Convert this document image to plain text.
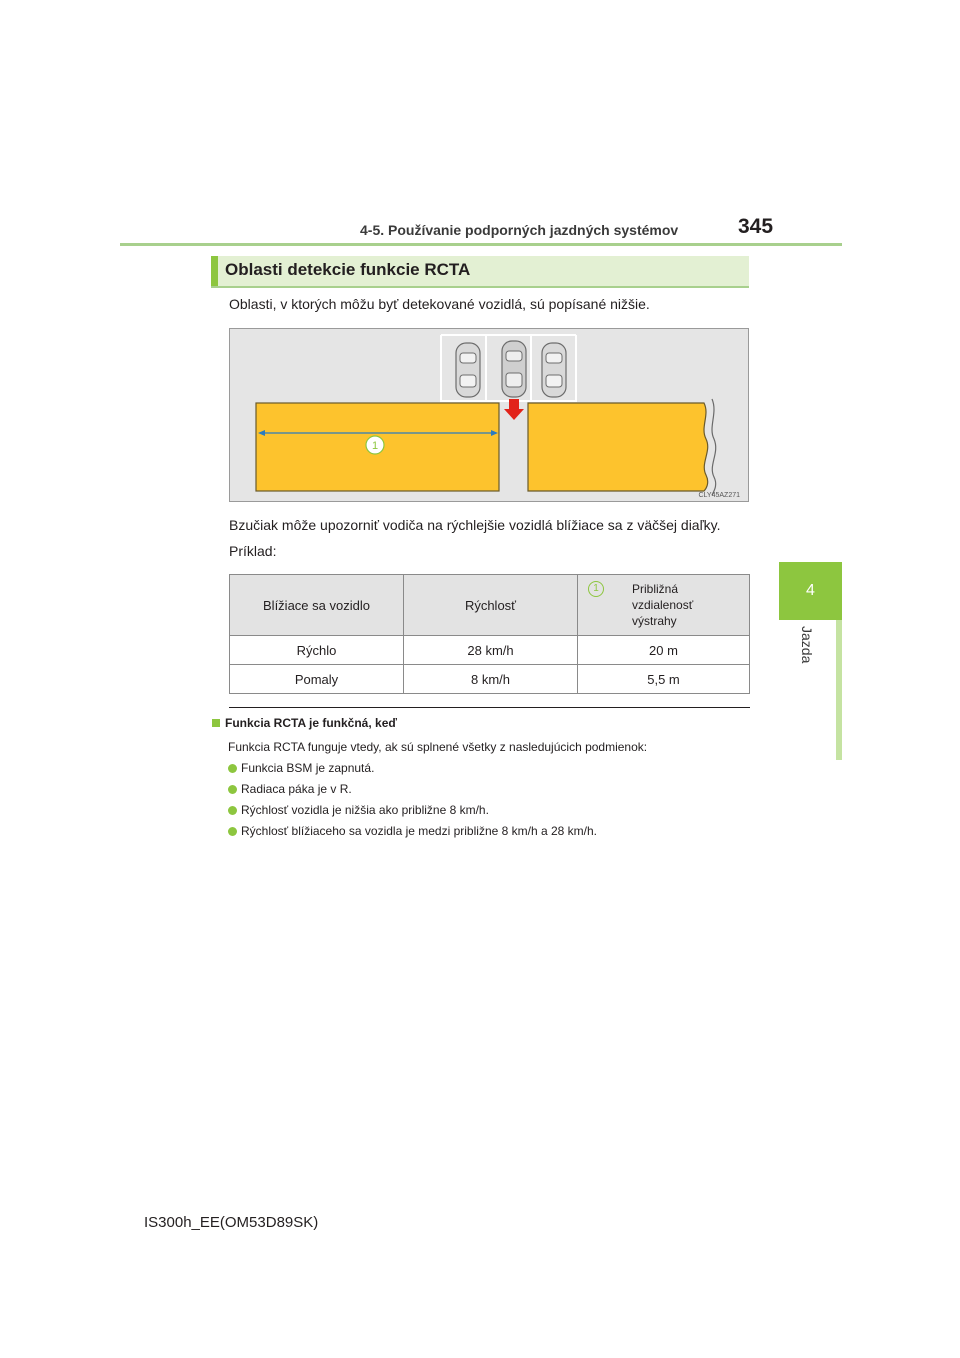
4-5. Používanie podporných jazdných systémov	345
4
Jazda
Oblasti detekcie funkcie RCTA
Oblasti, v ktorých môžu byť detekované vozidlá, sú popísané nižšie.
1
CLY45AZ271
Bzučiak môže upozorniť vodiča na rýchlejšie vozidlá blížiace sa z väčšej diaľky.
Príklad:
Blížiace sa vozidlo	Rýchlosť	1 Približná
vzdialenosť
výstrahy

Rýchlo	28 km/h	20 m
Pomaly	8 km/h	5,5 m
Funkcia RCTA je funkčná, keď
Funkcia RCTA funguje vtedy, ak sú splnené všetky z nasledujúcich podmienok:
Funkcia BSM je zapnutá.
Radiaca páka je v R.
Rýchlosť vozidla je nižšia ako približne 8 km/h.
Rýchlosť blížiaceho sa vozidla je medzi približne 8 km/h a 28 km/h.
IS300h_EE(OM53D89SK)
